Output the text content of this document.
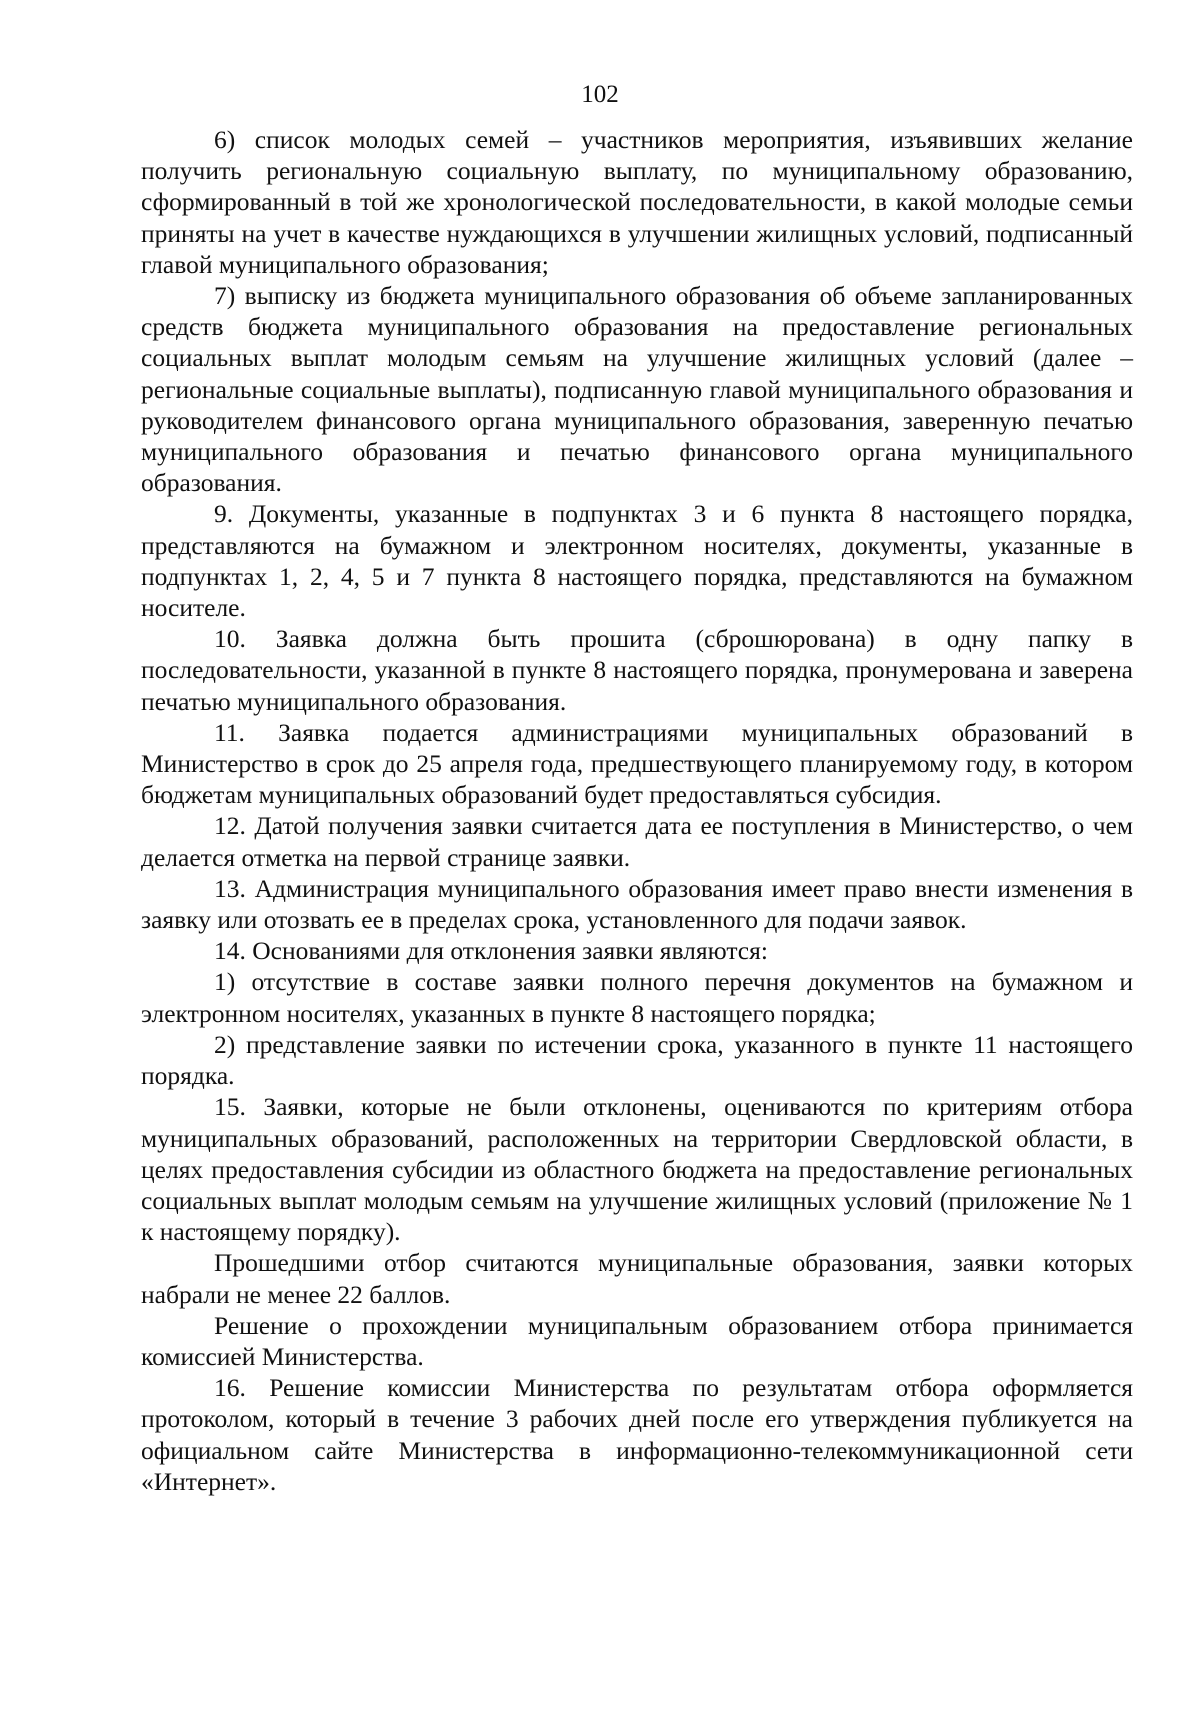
102

6) список молодых семей – участников мероприятия, изъявивших желание получить региональную социальную выплату, по муниципальному образованию, сформированный в той же хронологической последовательности, в какой молодые семьи приняты на учет в качестве нуждающихся в улучшении жилищных условий, подписанный главой муниципального образования;

7) выписку из бюджета муниципального образования об объеме запланированных средств бюджета муниципального образования на предоставление региональных социальных выплат молодым семьям на улучшение жилищных условий (далее – региональные социальные выплаты), подписанную главой муниципального образования и руководителем финансового органа муниципального образования, заверенную печатью муниципального образования и печатью финансового органа муниципального образования.

9. Документы, указанные в подпунктах 3 и 6 пункта 8 настоящего порядка, представляются на бумажном и электронном носителях, документы, указанные в подпунктах 1, 2, 4, 5 и 7 пункта 8 настоящего порядка, представляются на бумажном носителе.

10. Заявка должна быть прошита (сброшюрована) в одну папку в последовательности, указанной в пункте 8 настоящего порядка, пронумерована и заверена печатью муниципального образования.

11. Заявка подается администрациями муниципальных образований в Министерство в срок до 25 апреля года, предшествующего планируемому году, в котором бюджетам муниципальных образований будет предоставляться субсидия.

12. Датой получения заявки считается дата ее поступления в Министерство, о чем делается отметка на первой странице заявки.

13. Администрация муниципального образования имеет право внести изменения в заявку или отозвать ее в пределах срока, установленного для подачи заявок.

14. Основаниями для отклонения заявки являются:

1) отсутствие в составе заявки полного перечня документов на бумажном и электронном носителях, указанных в пункте 8 настоящего порядка;

2) представление заявки по истечении срока, указанного в пункте 11 настоящего порядка.

15. Заявки, которые не были отклонены, оцениваются по критериям отбора муниципальных образований, расположенных на территории Свердловской области, в целях предоставления субсидии из областного бюджета на предоставление региональных социальных выплат молодым семьям на улучшение жилищных условий (приложение № 1 к настоящему порядку).

Прошедшими отбор считаются муниципальные образования, заявки которых набрали не менее 22 баллов.

Решение о прохождении муниципальным образованием отбора принимается комиссией Министерства.

16. Решение комиссии Министерства по результатам отбора оформляется протоколом, который в течение 3 рабочих дней после его утверждения публикуется на официальном сайте Министерства в информационно-телекоммуникационной сети «Интернет».
